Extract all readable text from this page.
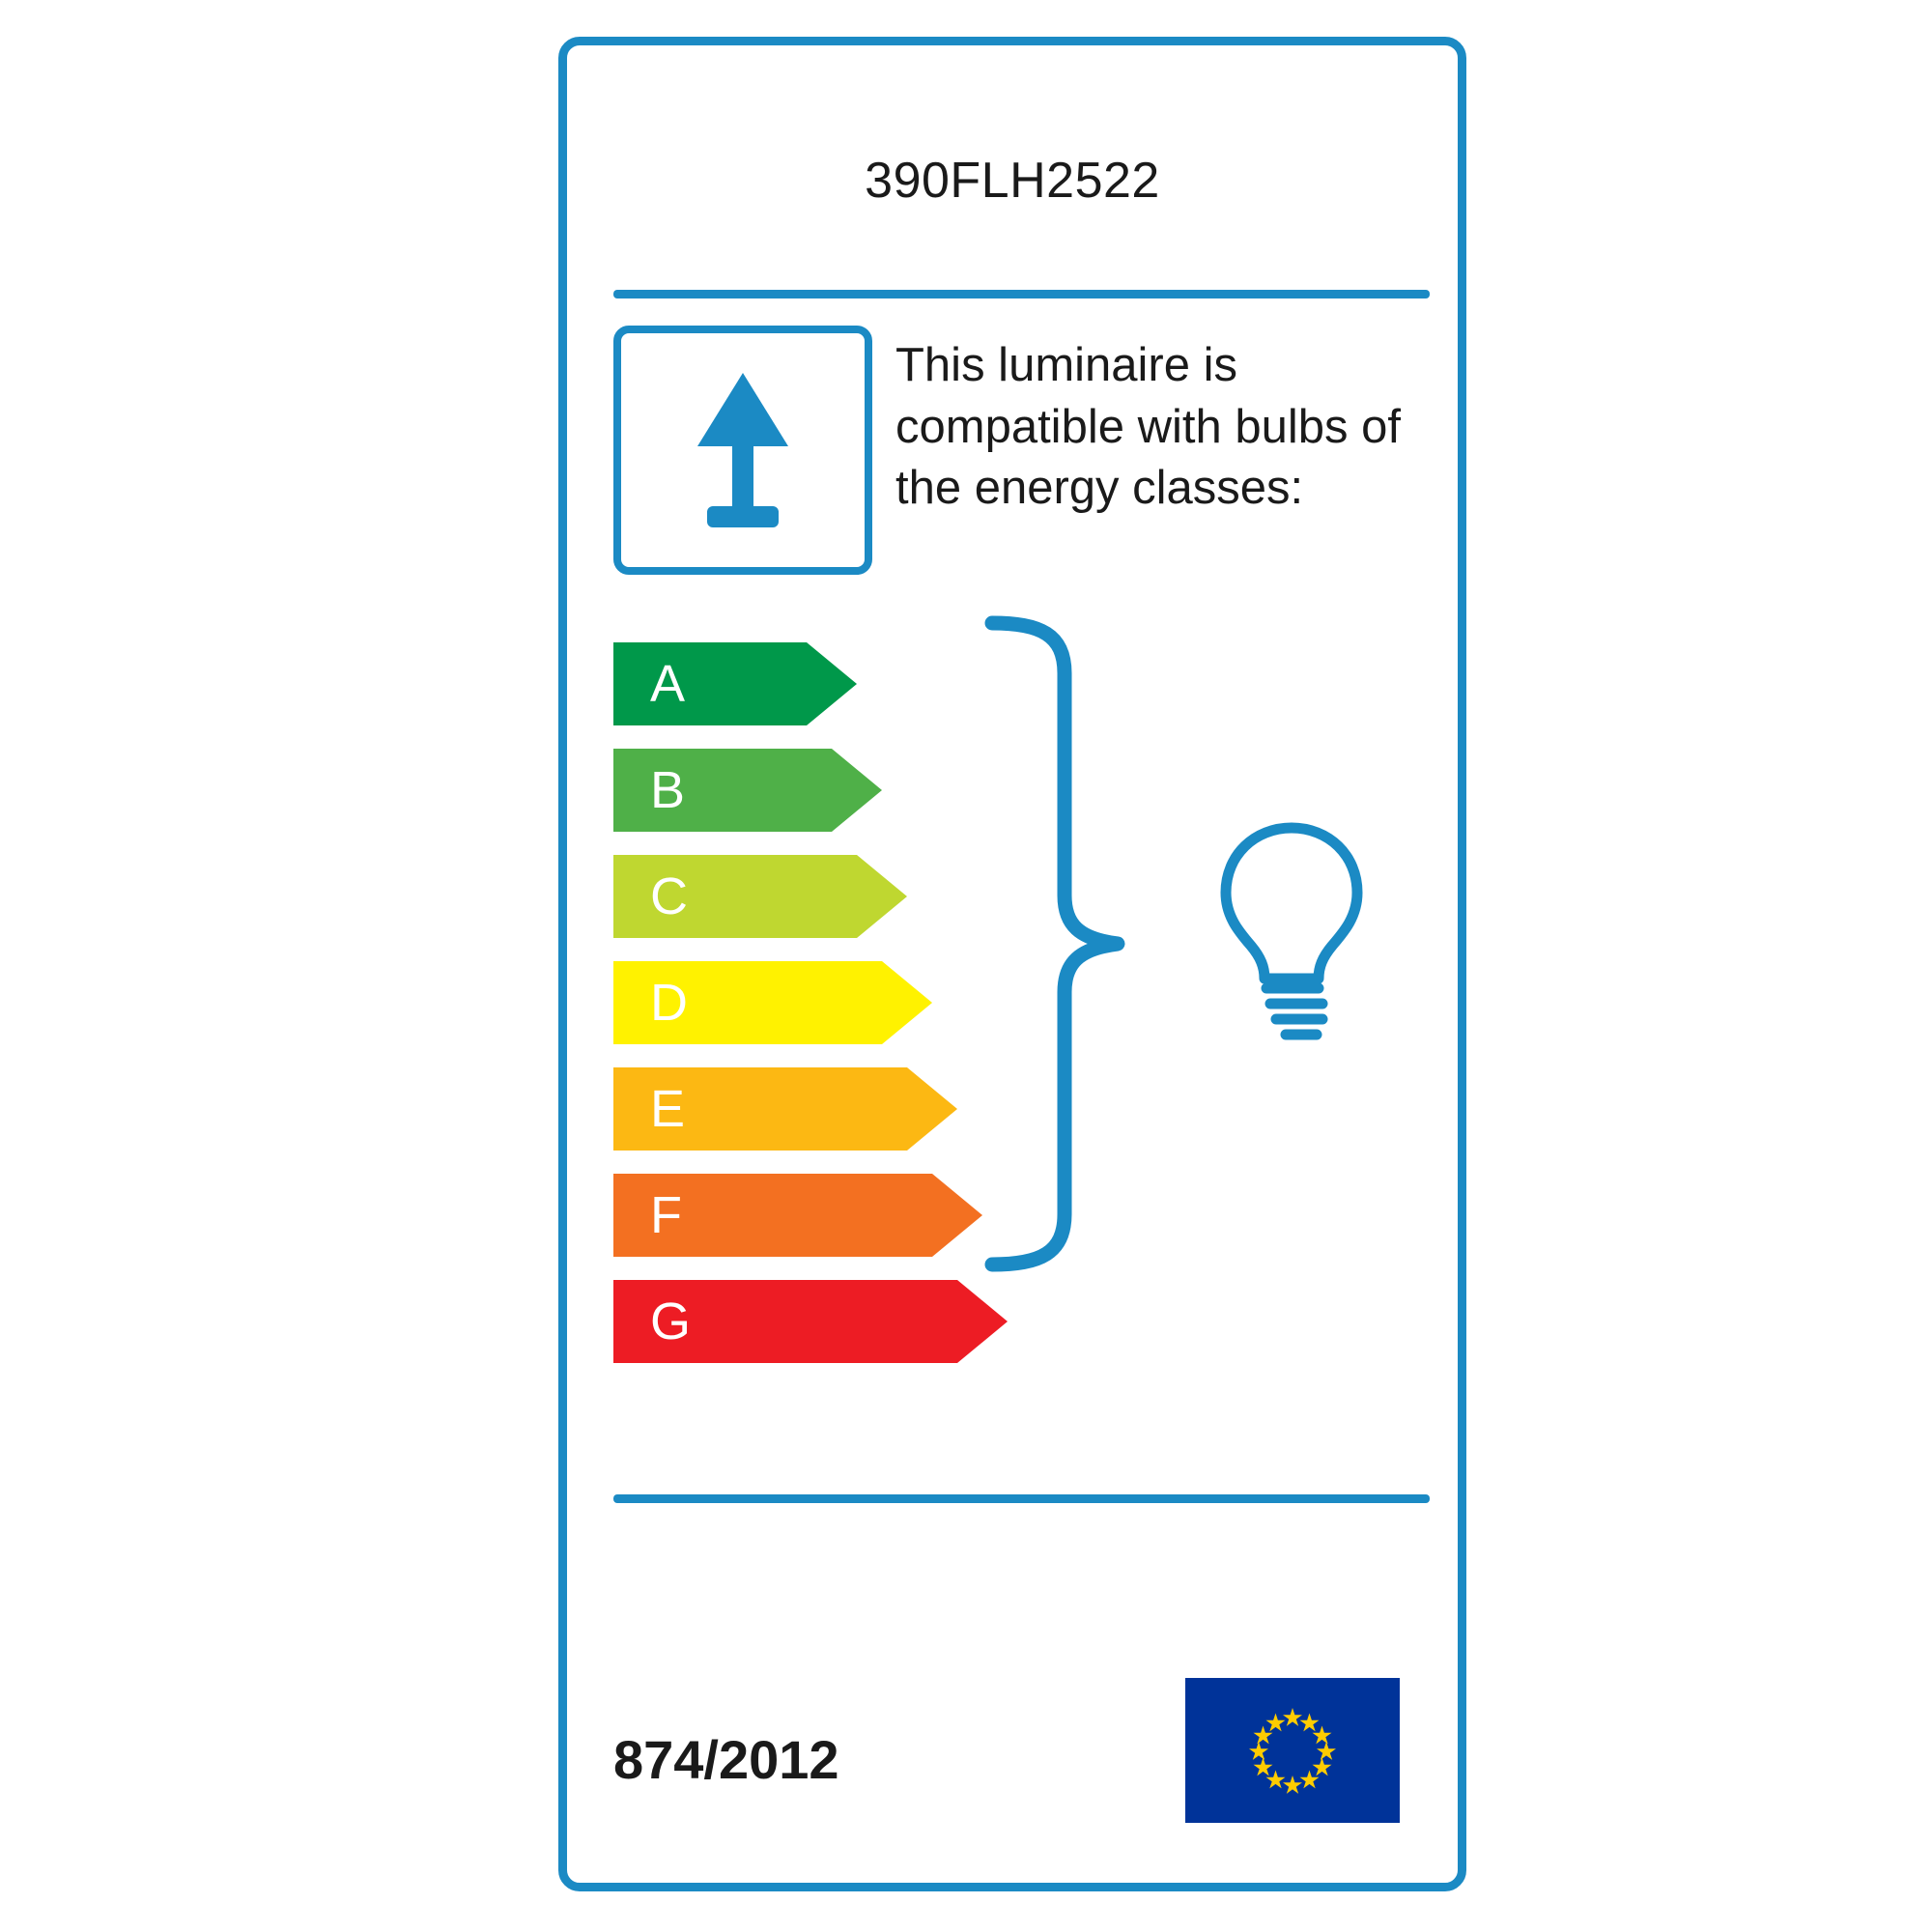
390FLH2522
This luminaire is compatible with bulbs of the energy classes:
A
B
C
D
E
F
G
874/2012
